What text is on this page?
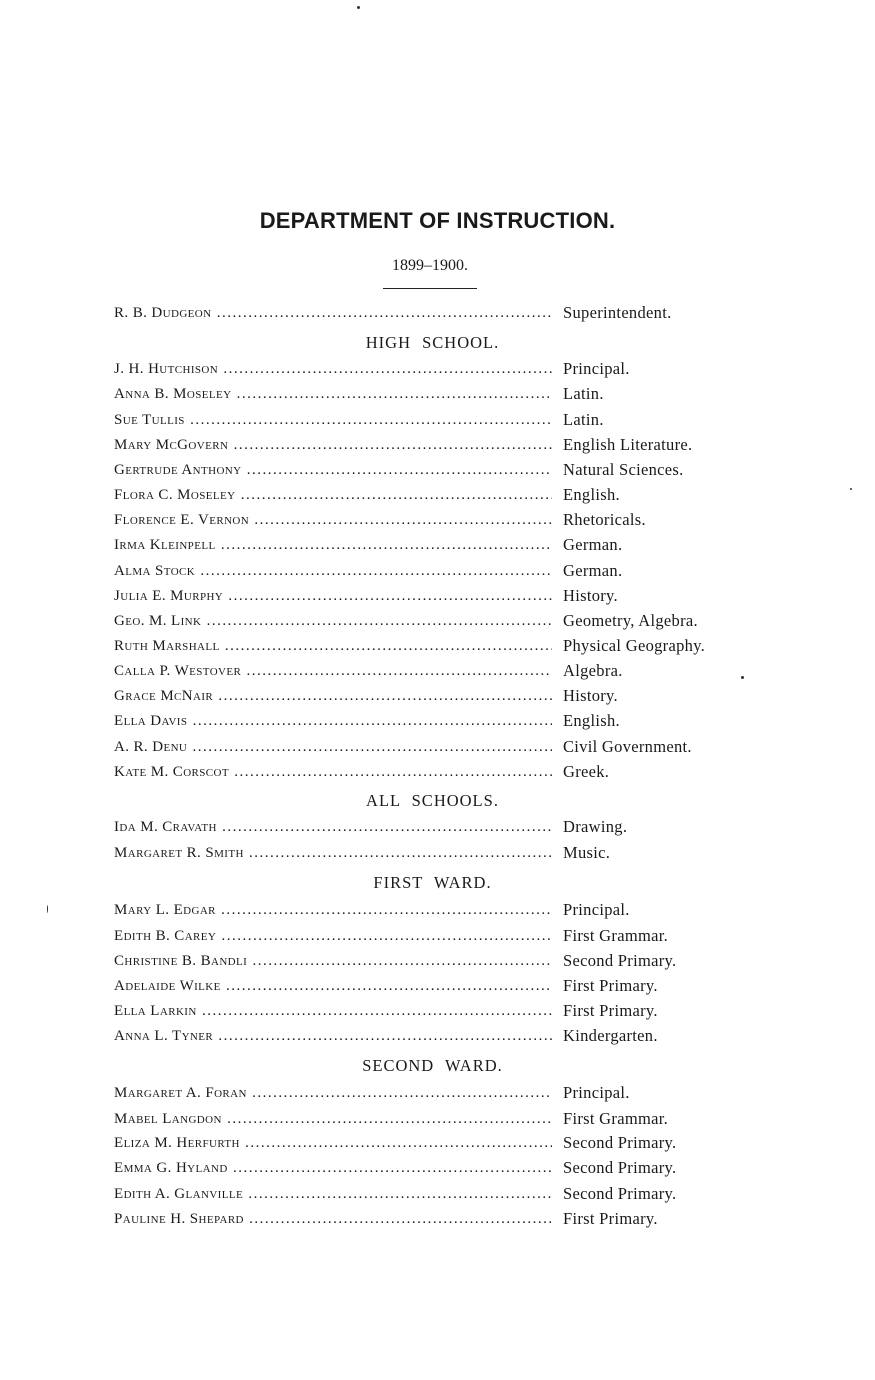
DEPARTMENT OF INSTRUCTION.
1899–1900.
R. B. Dudgeon .....	Superintendent.
HIGH SCHOOL.
J. H. Hutchison .....	Principal.
Anna B. Moseley .....	Latin.
Sue Tullis .....	Latin.
Mary McGovern .....	English Literature.
Gertrude Anthony .....	Natural Sciences.
Flora C. Moseley .....	English.
Florence E. Vernon .....	Rhetoricals.
Irma Kleinpell .....	German.
Alma Stock .....	German.
Julia E. Murphy .....	History.
Geo. M. Link .....	Geometry, Algebra.
Ruth Marshall .....	Physical Geography.
Calla P. Westover .....	Algebra.
Grace McNair .....	History.
Ella Davis .....	English.
A. R. Denu .....	Civil Government.
Kate M. Corscot .....	Greek.
ALL SCHOOLS.
Ida M. Cravath .....	Drawing.
Margaret R. Smith .....	Music.
FIRST WARD.
Mary L. Edgar .....	Principal.
Edith B. Carey .....	First Grammar.
Christine B. Bandli .....	Second Primary.
Adelaide Wilke .....	First Primary.
Ella Larkin .....	First Primary.
Anna L. Tyner .....	Kindergarten.
SECOND WARD.
Margaret A. Foran .....	Principal.
Mabel Langdon .....	First Grammar.
Eliza M. Herfurth .....	Second Primary.
Emma G. Hyland .....	Second Primary.
Edith A. Glanville .....	Second Primary.
Pauline H. Shepard .....	First Primary.
